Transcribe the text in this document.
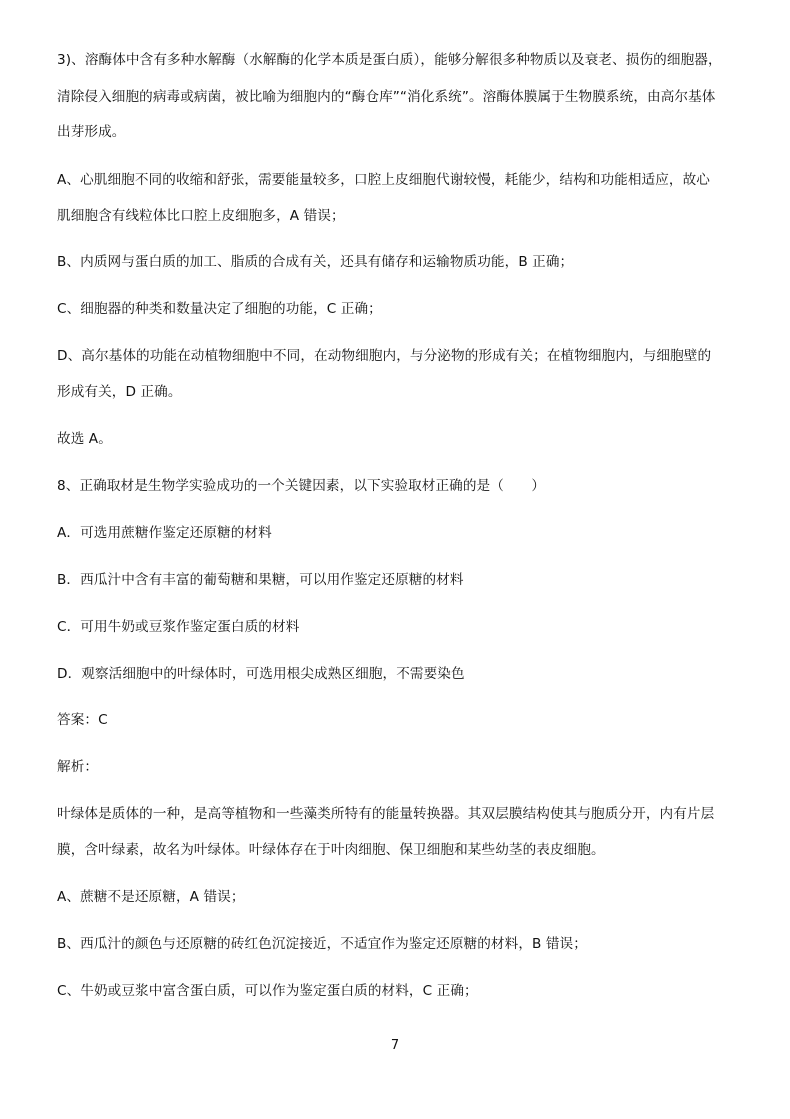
3)、溶酶体中含有多种水解酶（水解酶的化学本质是蛋白质），能够分解很多种物质以及衰老、损伤的细胞器，
清除侵入细胞的病毒或病菌，被比喻为细胞内的“酶仓库”“消化系统”。溶酶体膜属于生物膜系统，由高尔基体
出芽形成。
A、心肌细胞不同的收缩和舒张，需要能量较多，口腔上皮细胞代谢较慢，耗能少，结构和功能相适应，故心
肌细胞含有线粒体比口腔上皮细胞多，A 错误；
B、内质网与蛋白质的加工、脂质的合成有关，还具有储存和运输物质功能，B 正确；
C、细胞器的种类和数量决定了细胞的功能，C 正确；
D、高尔基体的功能在动植物细胞中不同，在动物细胞内，与分泌物的形成有关；在植物细胞内，与细胞壁的
形成有关，D 正确。
故选 A。
8、正确取材是生物学实验成功的一个关键因素，以下实验取材正确的是（　　）
A．可选用蔗糖作鉴定还原糖的材料
B．西瓜汁中含有丰富的葡萄糖和果糖，可以用作鉴定还原糖的材料
C．可用牛奶或豆浆作鉴定蛋白质的材料
D．观察活细胞中的叶绿体时，可选用根尖成熟区细胞，不需要染色
答案：C
解析：
叶绿体是质体的一种，是高等植物和一些藻类所特有的能量转换器。其双层膜结构使其与胞质分开，内有片层
膜，含叶绿素，故名为叶绿体。叶绿体存在于叶肉细胞、保卫细胞和某些幼茎的表皮细胞。
A、蔗糖不是还原糖，A 错误；
B、西瓜汁的颜色与还原糖的砖红色沉淀接近，不适宜作为鉴定还原糖的材料，B 错误；
C、牛奶或豆浆中富含蛋白质，可以作为鉴定蛋白质的材料，C 正确；
7
